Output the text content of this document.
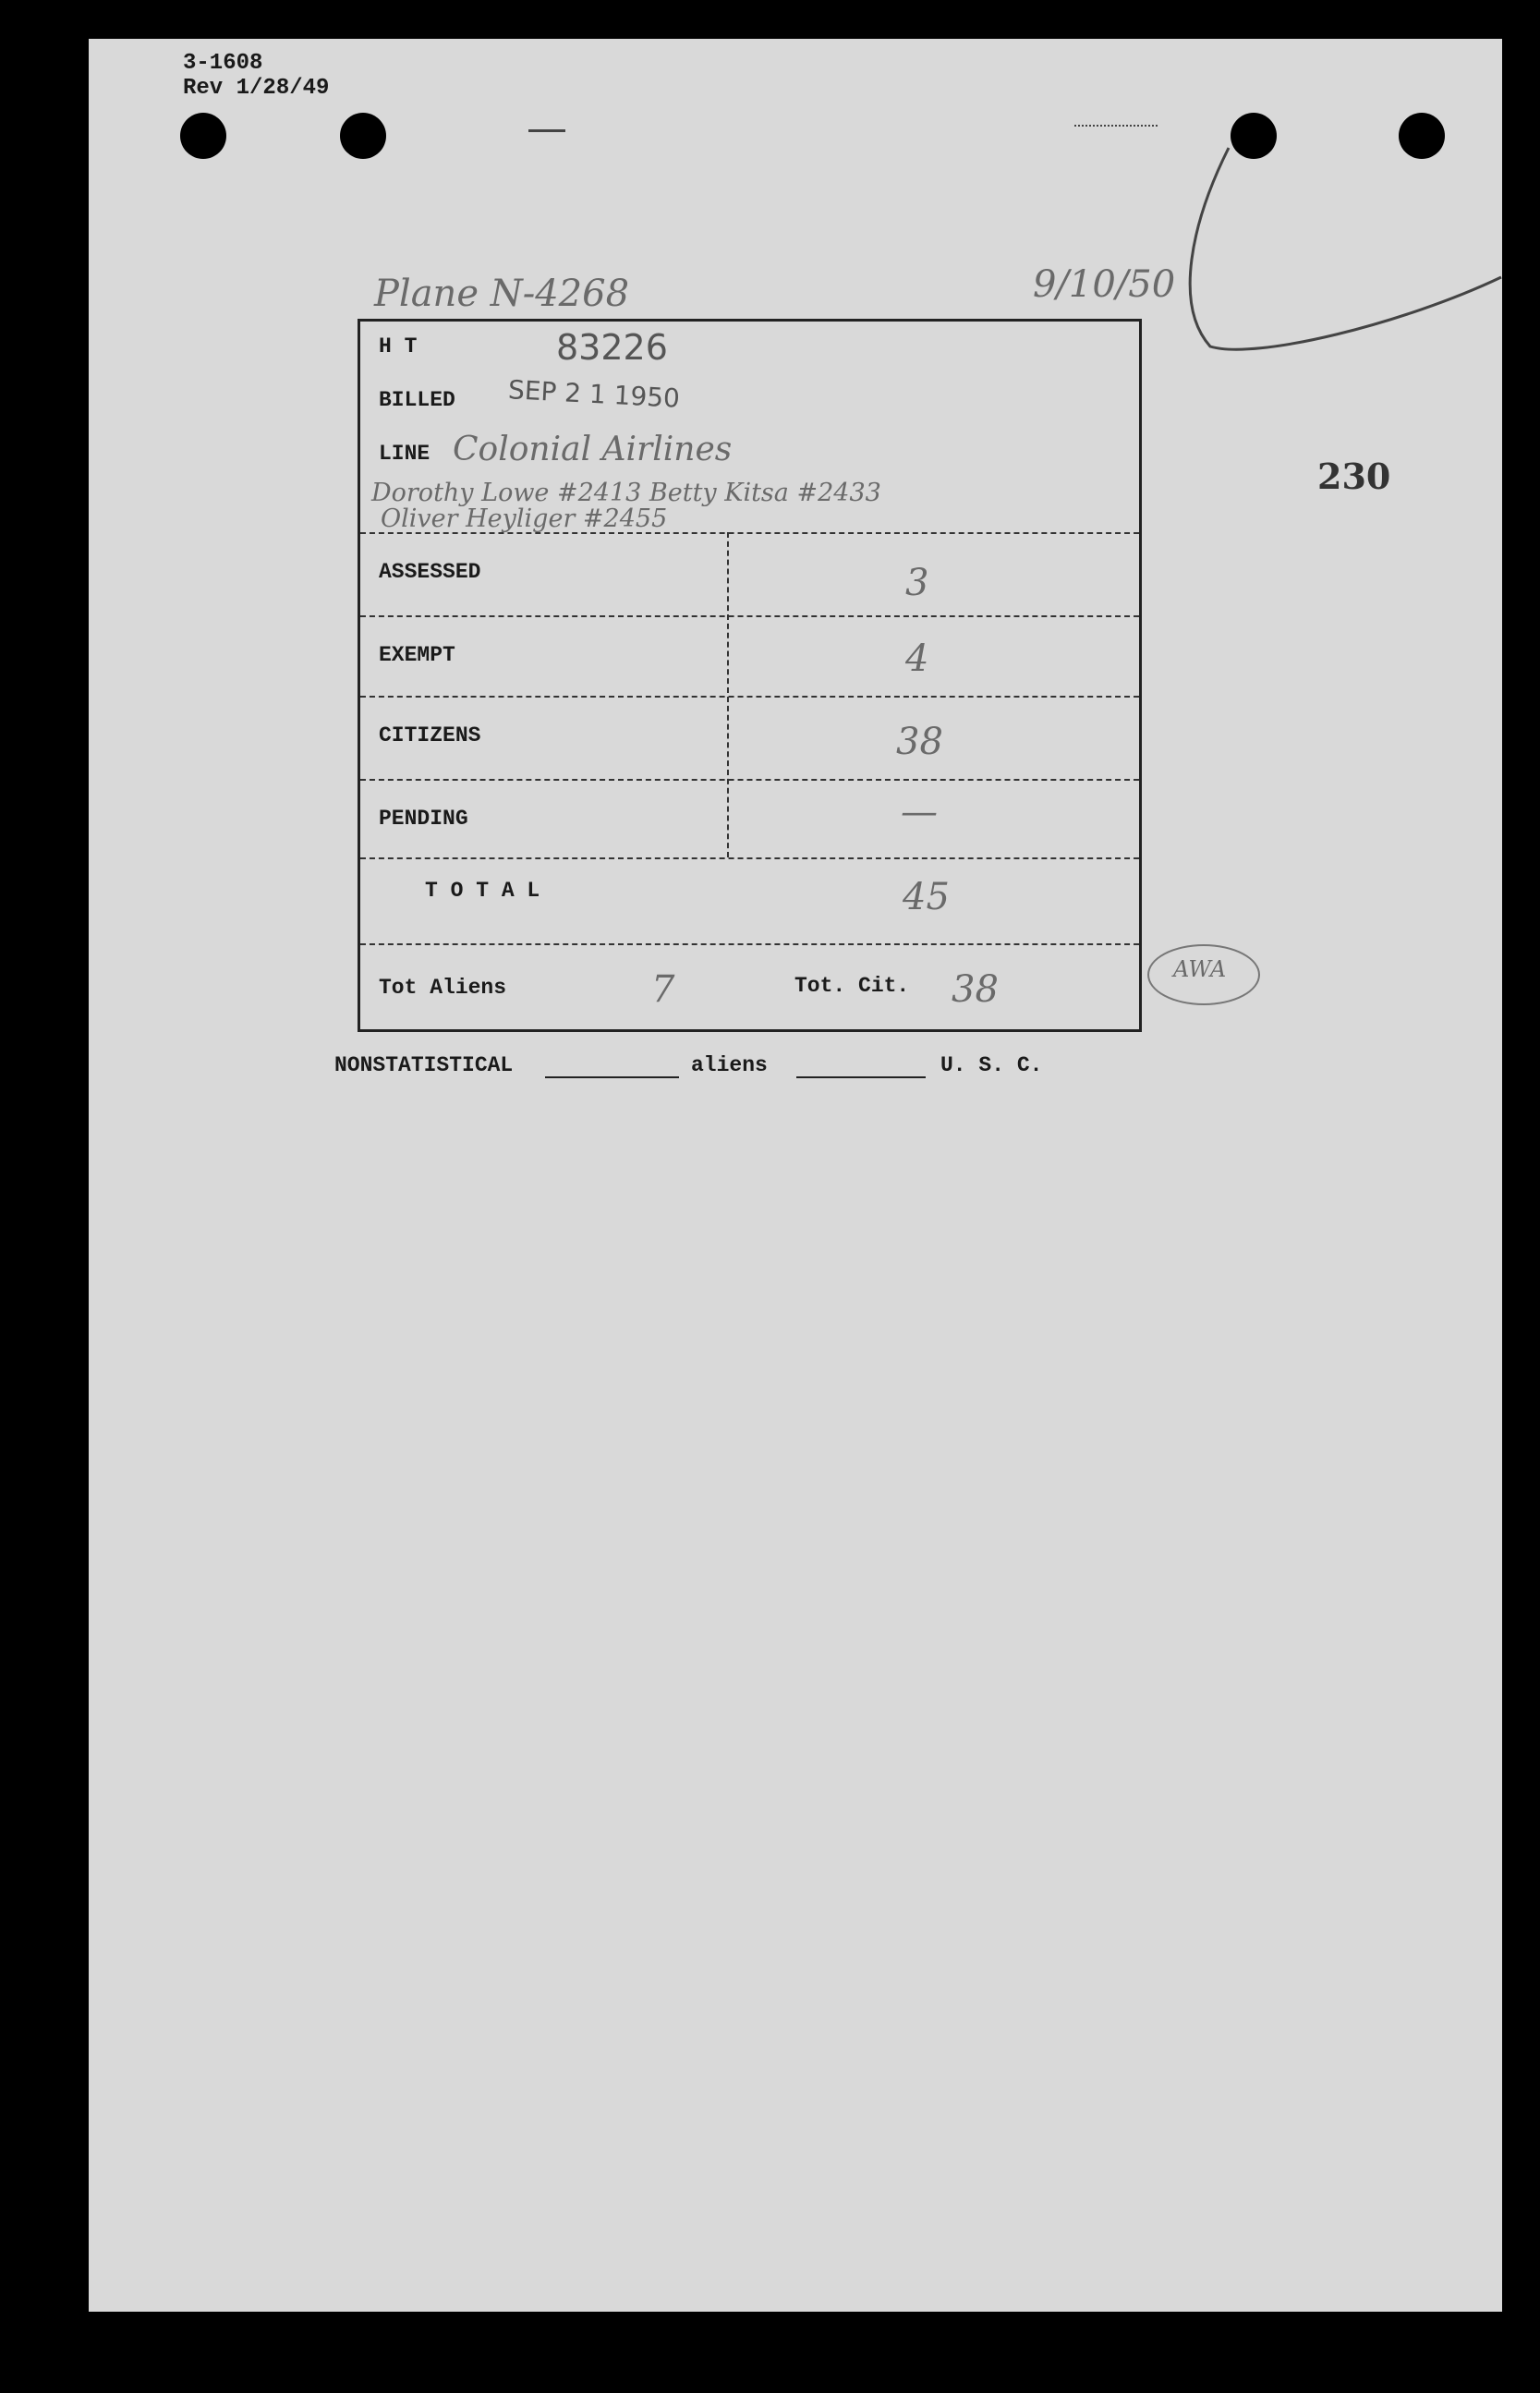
3-1608
Rev 1/28/49
230
Plane N-4268	9/10/50
H T	83226
BILLED SEP 2 1 1950
LINE Colonial Airlines
Dorothy Lowe #2413 Betty Kitsa #2433
Oliver Heyliger #2455
ASSESSED	3
EXEMPT	4
CITIZENS	38
PENDING	—
T O T A L	45
Tot Aliens	7	Tot. Cit. 38	AWA
NONSTATISTICAL	aliens	U. S. C.
